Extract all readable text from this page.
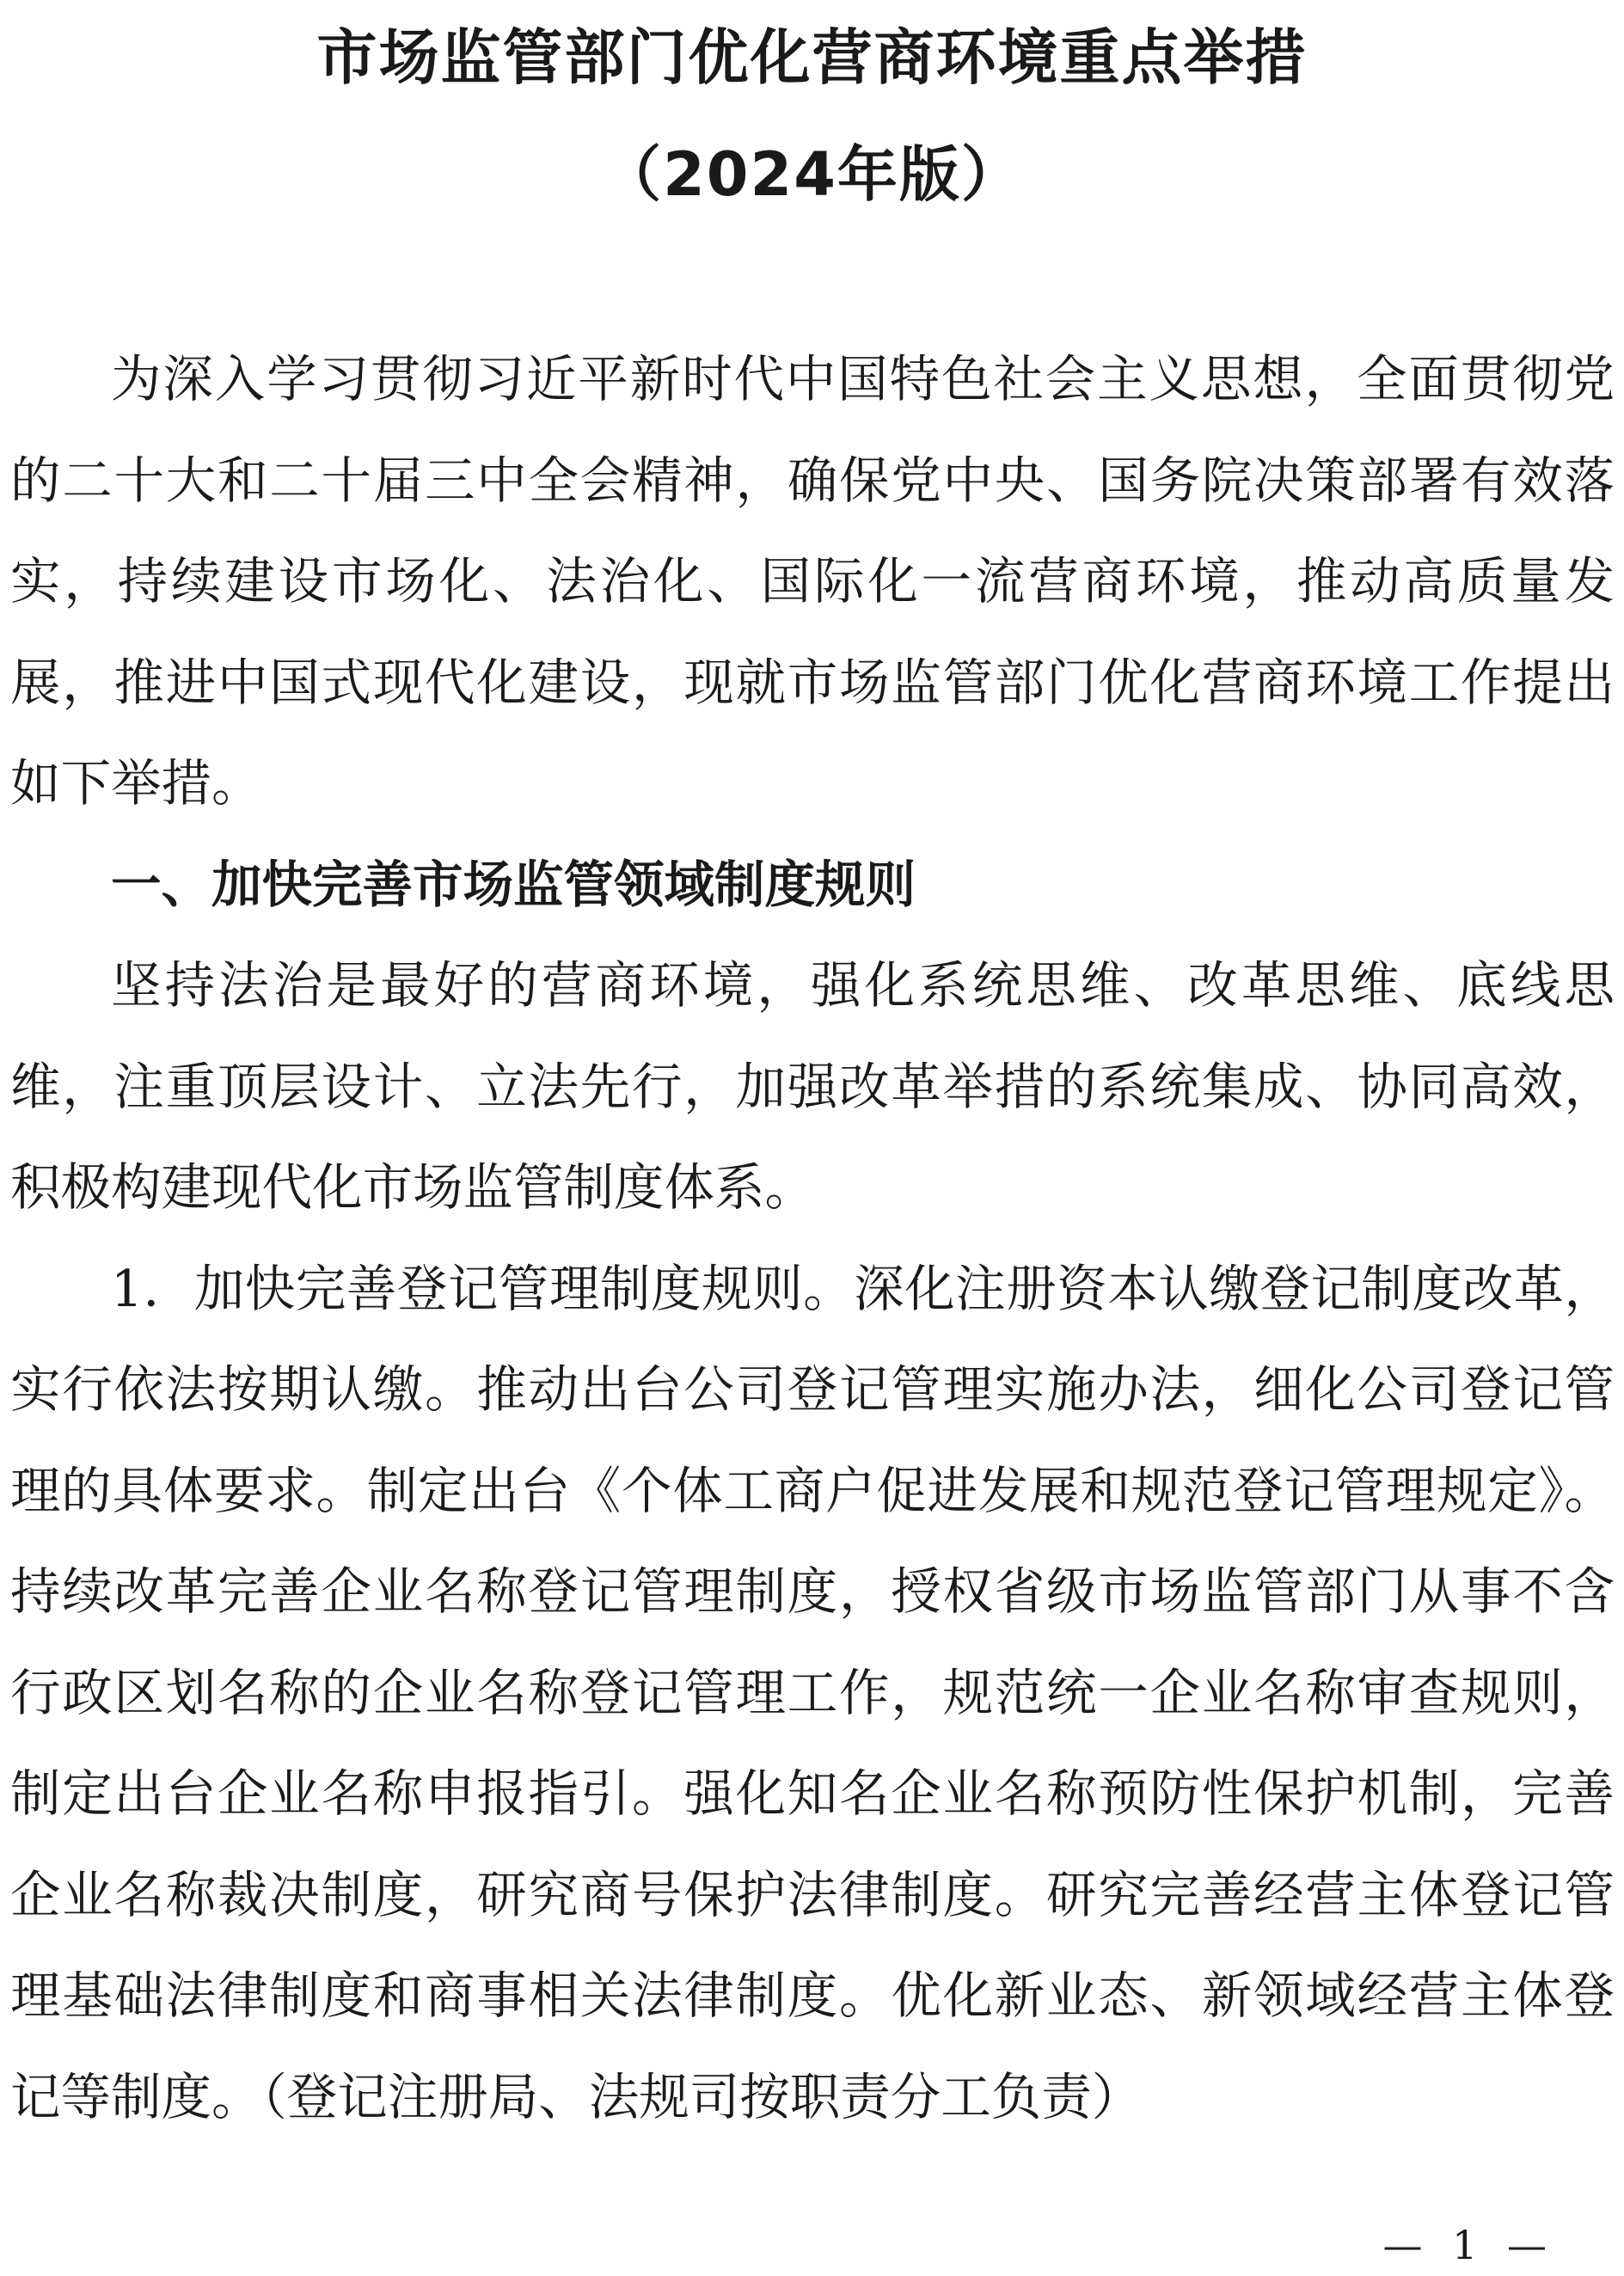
市场监管部门优化营商环境重点举措
（2024年版）

为深入学习贯彻习近平新时代中国特色社会主义思想，全面贯彻党的二十大和二十届三中全会精神，确保党中央、国务院决策部署有效落实，持续建设市场化、法治化、国际化一流营商环境，推动高质量发展，推进中国式现代化建设，现就市场监管部门优化营商环境工作提出如下举措。

一、加快完善市场监管领域制度规则

坚持法治是最好的营商环境，强化系统思维、改革思维、底线思维，注重顶层设计、立法先行，加强改革举措的系统集成、协同高效，积极构建现代化市场监管制度体系。

1．加快完善登记管理制度规则。深化注册资本认缴登记制度改革，实行依法按期认缴。推动出台公司登记管理实施办法，细化公司登记管理的具体要求。制定出台《个体工商户促进发展和规范登记管理规定》。持续改革完善企业名称登记管理制度，授权省级市场监管部门从事不含行政区划名称的企业名称登记管理工作，规范统一企业名称审查规则，制定出台企业名称申报指引。强化知名企业名称预防性保护机制，完善企业名称裁决制度，研究商号保护法律制度。研究完善经营主体登记管理基础法律制度和商事相关法律制度。优化新业态、新领域经营主体登记等制度。（登记注册局、法规司按职责分工负责）

— 1 —
